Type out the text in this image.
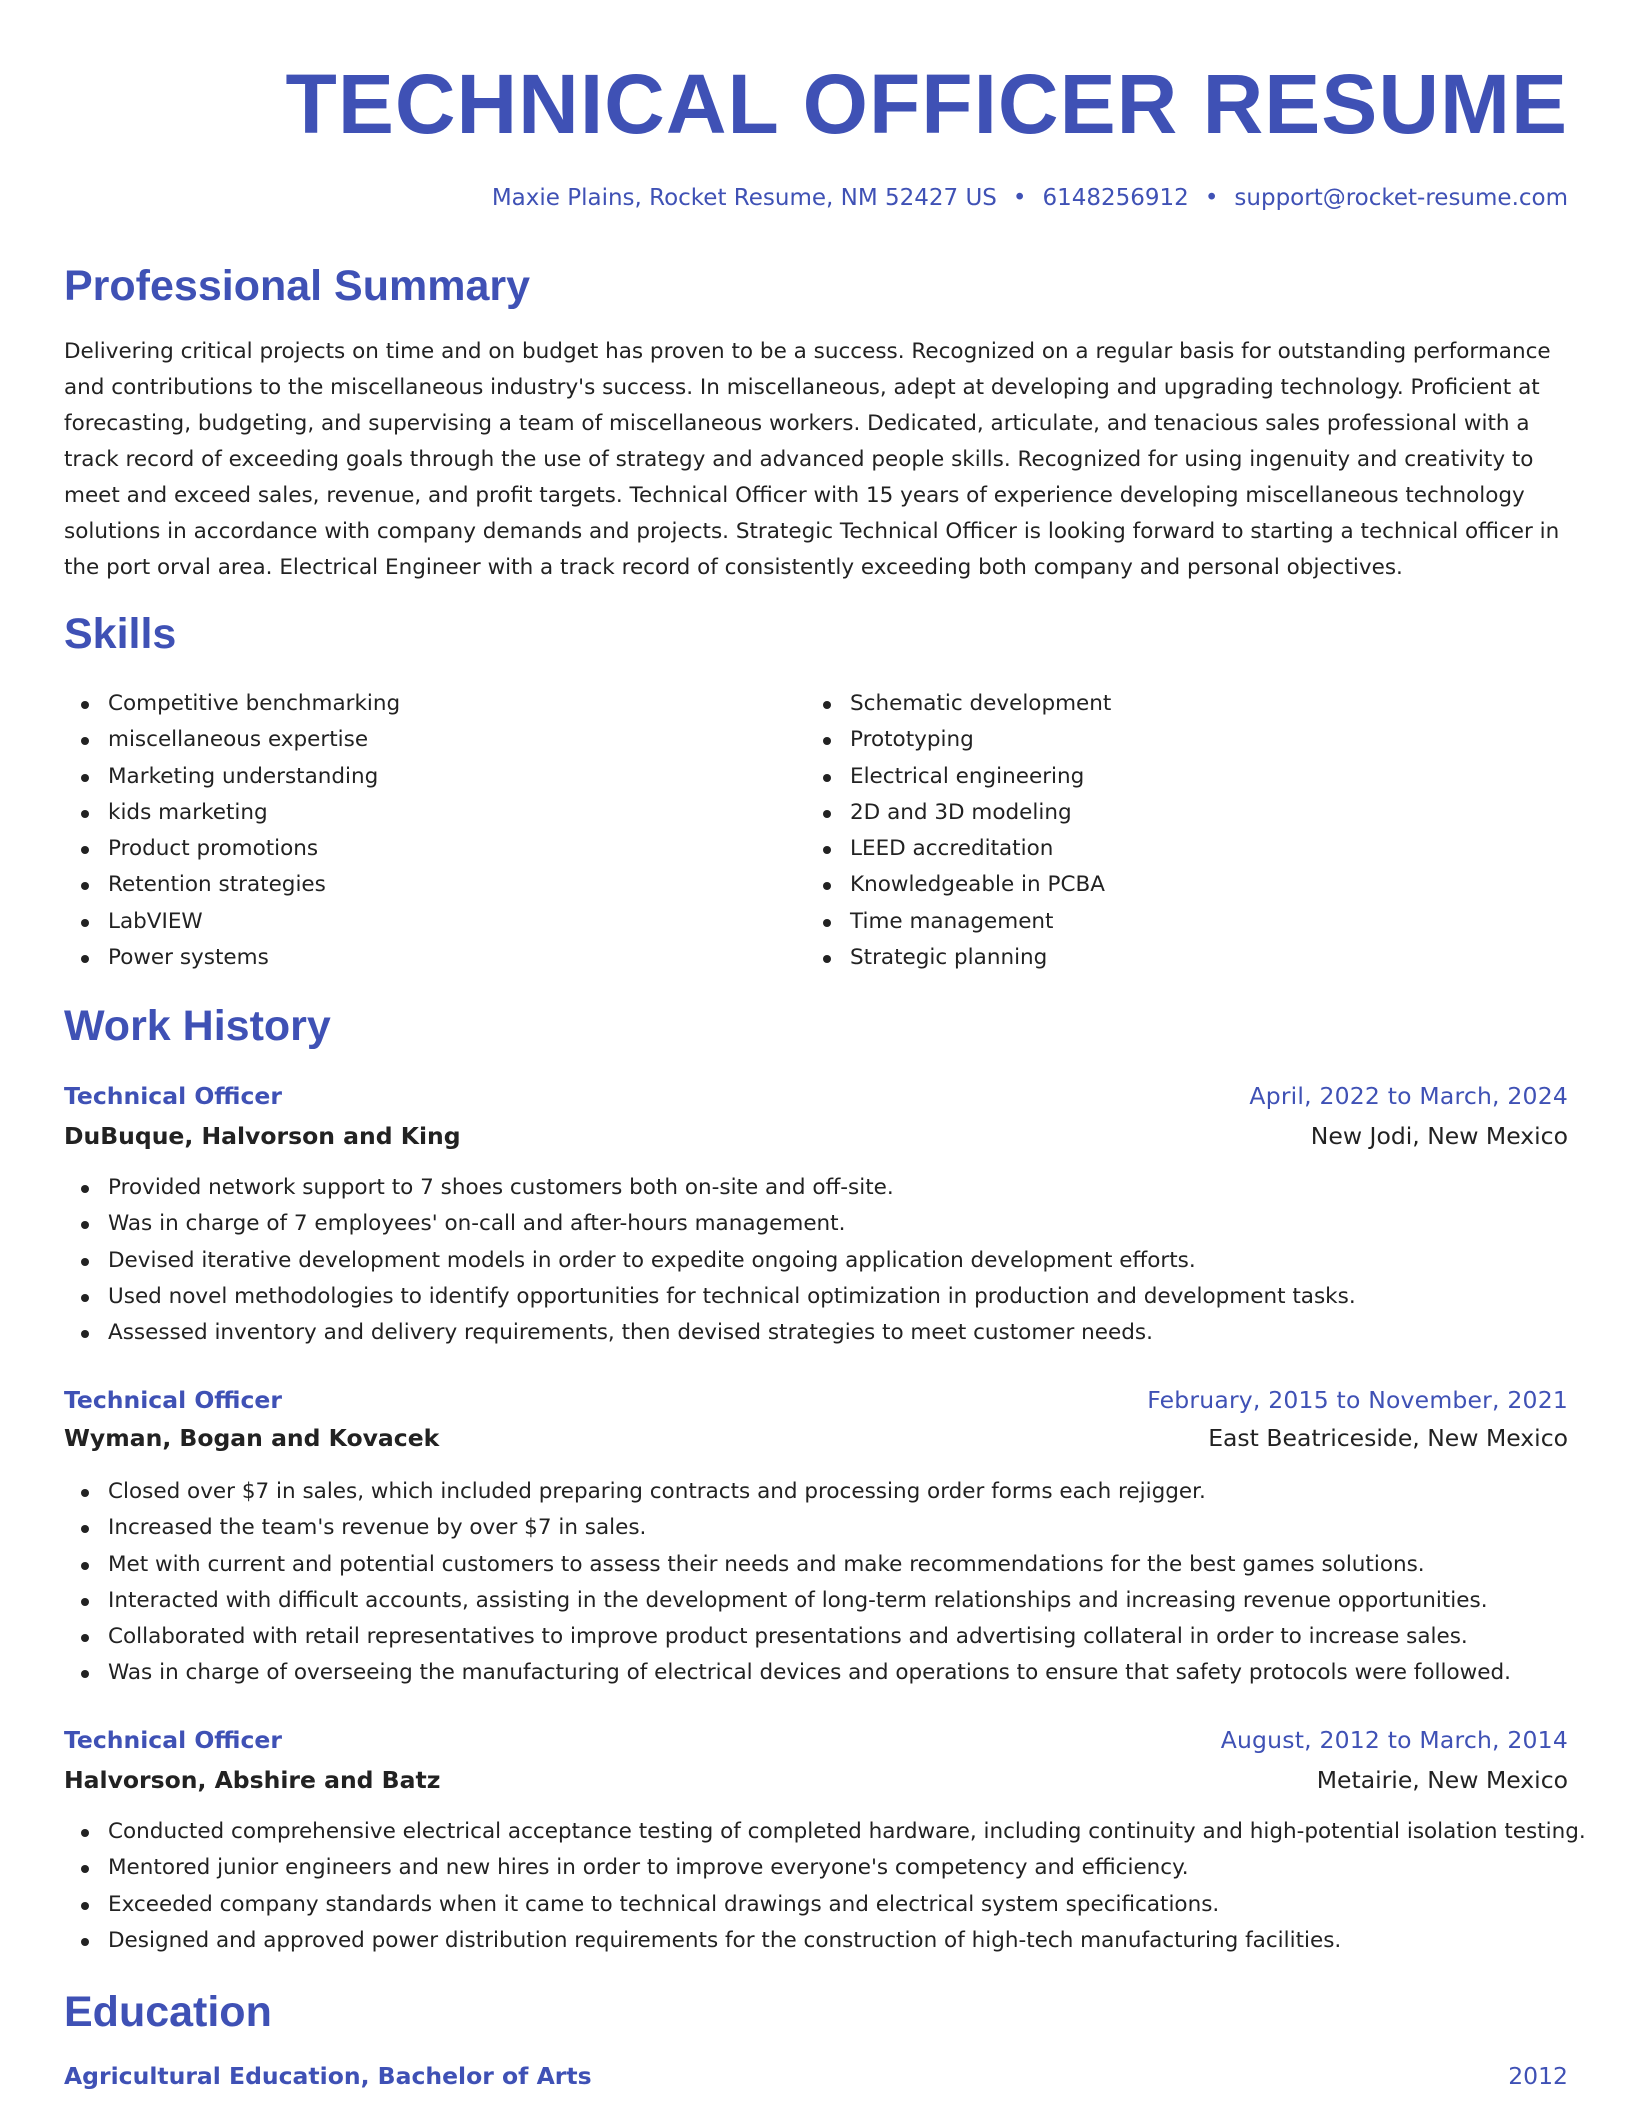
TECHNICAL OFFICER RESUME
Maxie Plains, Rocket Resume, NM 52427 US • 6148256912 • support@rocket-resume.com
Professional Summary

Delivering critical projects on time and on budget has proven to be a success. Recognized on a regular basis for outstanding performance and contributions to the miscellaneous industry's success. In miscellaneous, adept at developing and upgrading technology. Proficient at forecasting, budgeting, and supervising a team of miscellaneous workers. Dedicated, articulate, and tenacious sales professional with a track record of exceeding goals through the use of strategy and advanced people skills. Recognized for using ingenuity and creativity to meet and exceed sales, revenue, and profit targets. Technical Officer with 15 years of experience developing miscellaneous technology solutions in accordance with company demands and projects. Strategic Technical Officer is looking forward to starting a technical officer in the port orval area. Electrical Engineer with a track record of consistently exceeding both company and personal objectives.

Skills
Competitive benchmarking
miscellaneous expertise
Marketing understanding
kids marketing
Product promotions
Retention strategies
LabVIEW
Power systems
Schematic development
Prototyping
Electrical engineering
2D and 3D modeling
LEED accreditation
Knowledgeable in PCBA
Time management
Strategic planning
Work History
Technical Officer	April, 2022 to March, 2024
DuBuque, Halvorson and King	New Jodi, New Mexico
Provided network support to 7 shoes customers both on-site and off-site.
Was in charge of 7 employees' on-call and after-hours management.
Devised iterative development models in order to expedite ongoing application development efforts.
Used novel methodologies to identify opportunities for technical optimization in production and development tasks.
Assessed inventory and delivery requirements, then devised strategies to meet customer needs.
Technical Officer	February, 2015 to November, 2021
Wyman, Bogan and Kovacek	East Beatriceside, New Mexico
Closed over $7 in sales, which included preparing contracts and processing order forms each rejigger.
Increased the team's revenue by over $7 in sales.
Met with current and potential customers to assess their needs and make recommendations for the best games solutions.
Interacted with difficult accounts, assisting in the development of long-term relationships and increasing revenue opportunities.
Collaborated with retail representatives to improve product presentations and advertising collateral in order to increase sales.
Was in charge of overseeing the manufacturing of electrical devices and operations to ensure that safety protocols were followed.
Technical Officer	August, 2012 to March, 2014
Halvorson, Abshire and Batz	Metairie, New Mexico
Conducted comprehensive electrical acceptance testing of completed hardware, including continuity and high-potential isolation testing.
Mentored junior engineers and new hires in order to improve everyone's competency and efficiency.
Exceeded company standards when it came to technical drawings and electrical system specifications.
Designed and approved power distribution requirements for the construction of high-tech manufacturing facilities.
Education
Agricultural Education, Bachelor of Arts	2012
